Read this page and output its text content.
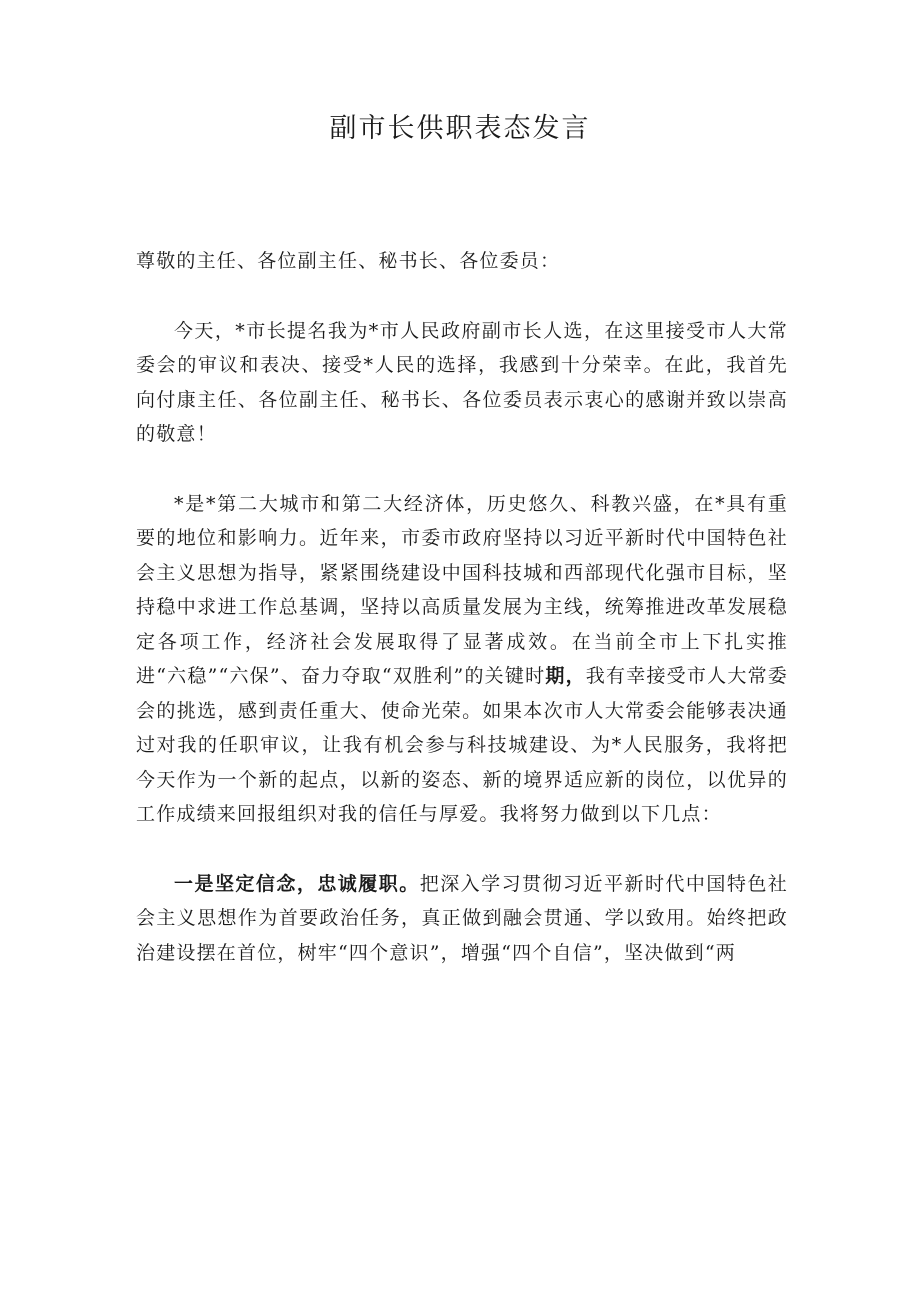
副市长供职表态发言

尊敬的主任、各位副主任、秘书长、各位委员：

今天，*市长提名我为*市人民政府副市长人选，在这里接受市人大常委会的审议和表决、接受*人民的选择，我感到十分荣幸。在此，我首先向付康主任、各位副主任、秘书长、各位委员表示衷心的感谢并致以崇高的敬意！

*是*第二大城市和第二大经济体，历史悠久、科教兴盛，在*具有重要的地位和影响力。近年来，市委市政府坚持以习近平新时代中国特色社会主义思想为指导，紧紧围绕建设中国科技城和西部现代化强市目标，坚持稳中求进工作总基调，坚持以高质量发展为主线，统筹推进改革发展稳定各项工作，经济社会发展取得了显著成效。在当前全市上下扎实推进“六稳”“六保”、奋力夺取“双胜利”的关键时期，我有幸接受市人大常委会的挑选，感到责任重大、使命光荣。如果本次市人大常委会能够表决通过对我的任职审议，让我有机会参与科技城建设、为*人民服务，我将把今天作为一个新的起点，以新的姿态、新的境界适应新的岗位，以优异的工作成绩来回报组织对我的信任与厚爱。我将努力做到以下几点：

一是坚定信念，忠诚履职。把深入学习贯彻习近平新时代中国特色社会主义思想作为首要政治任务，真正做到融会贯通、学以致用。始终把政治建设摆在首位，树牢“四个意识”，增强“四个自信”，坚决做到“两
